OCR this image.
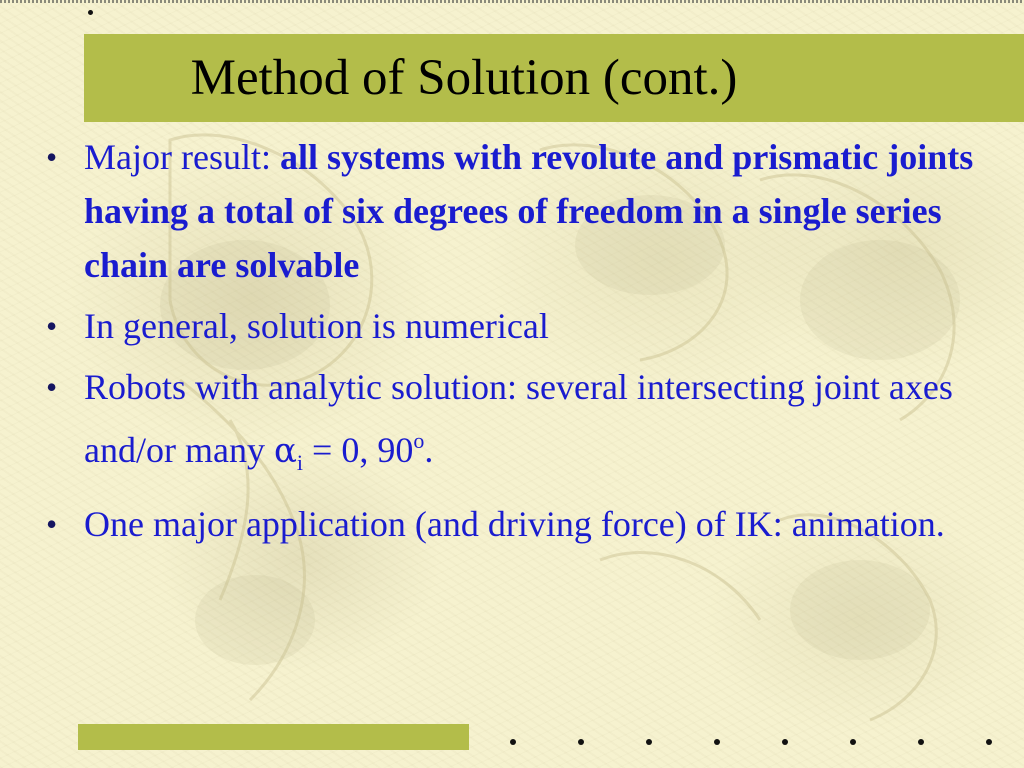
Method of Solution (cont.)
• Major result: all systems with revolute and prismatic joints having a total of six degrees of freedom in a single series chain are solvable
• In general, solution is numerical
• Robots with analytic solution: several intersecting joint axes and/or many $\alpha_i = 0$, 90$^o$.
• One major application (and driving force) of IK: animation.
